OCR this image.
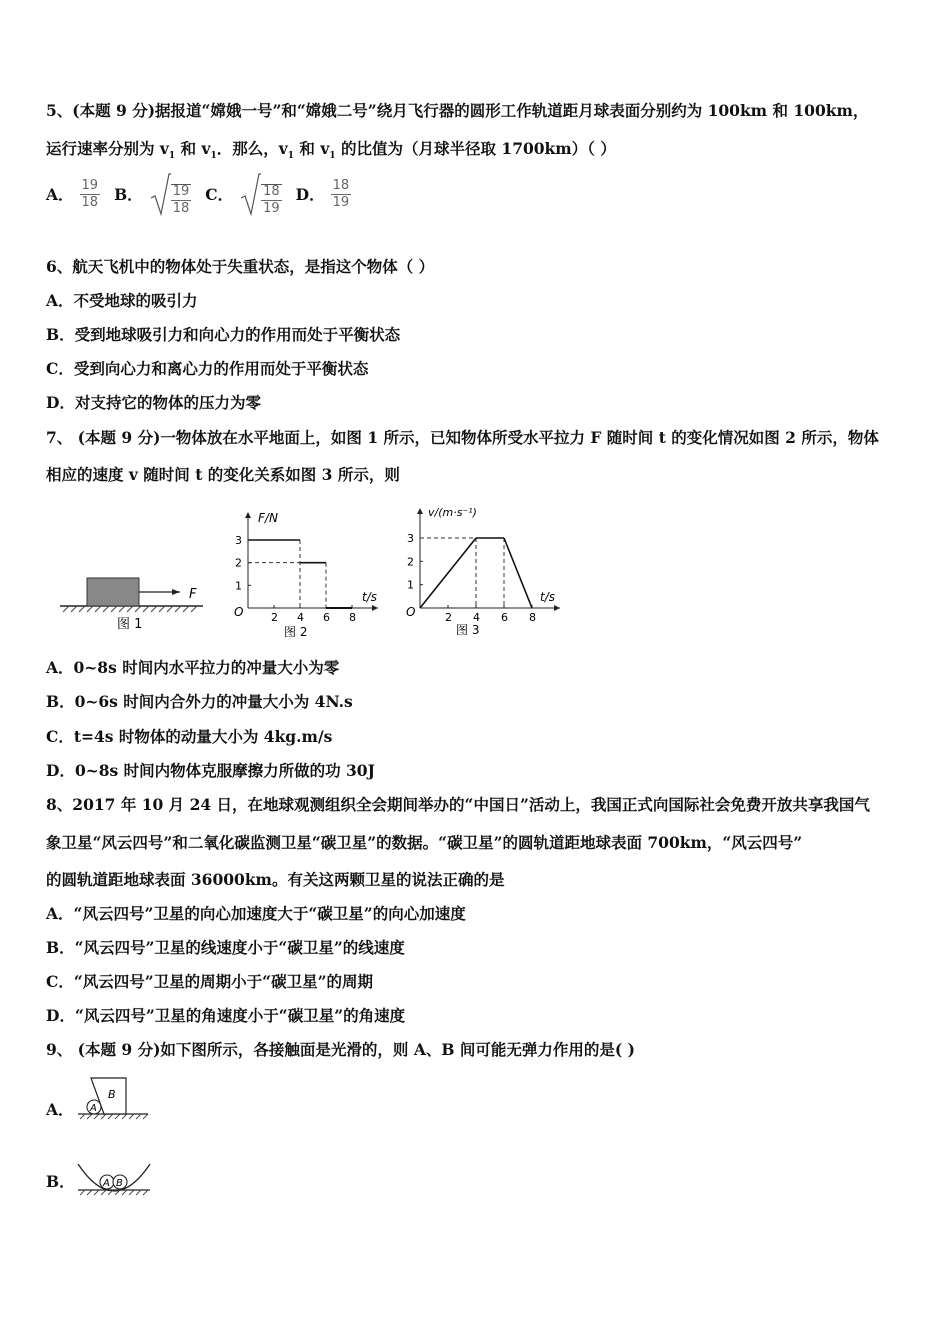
5、(本题 9 分)据报道“嫦娥一号”和“嫦娥二号”绕月飞行器的圆形工作轨道距月球表面分别约为 100km 和 100km，
运行速率分别为 $v_1$ 和 $v_1$．那么，$v_1$ 和 $v_1$ 的比值为（月球半径取 1700km）（ ）
A． $\frac{19}{18}$ B． $\frac{19}{18}$ C． $\frac{18}{19}$ D． $\frac{18}{19}$
6、航天飞机中的物体处于失重状态，是指这个物体（ ）
A．不受地球的吸引力
B．受到地球吸引力和向心力的作用而处于平衡状态
C．受到向心力和离心力的作用而处于平衡状态
D．对支持它的物体的压力为零
7、 (本题 9 分)一物体放在水平地面上，如图 1 所示，已知物体所受水平拉力 F 随时间 t 的变化情况如图 2 所示，物体
相应的速度 v 随时间 t 的变化关系如图 3 所示，则
F
图 1
F/N
t/s
O
图 2
2 4 6 8
3
2
1
v/(m·s⁻¹)
t/s
O
图 3
2 4 6 8
3
2
1
A．0~8s 时间内水平拉力的冲量大小为零
B．0~6s 时间内合外力的冲量大小为 4N.s
C．t=4s 时物体的动量大小为 4kg.m/s
D．0~8s 时间内物体克服摩擦力所做的功 30J
8、2017 年 10 月 24 日，在地球观测组织全会期间举办的“中国日”活动上，我国正式向国际社会免费开放共享我国气
象卫星“风云四号”和二氧化碳监测卫星“碳卫星”的数据。“碳卫星”的圆轨道距地球表面 700km，“风云四号”
的圆轨道距地球表面 36000km。有关这两颗卫星的说法正确的是
A．“风云四号”卫星的向心加速度大于“碳卫星”的向心加速度
B．“风云四号”卫星的线速度小于“碳卫星”的线速度
C．“风云四号”卫星的周期小于“碳卫星”的周期
D．“风云四号”卫星的角速度小于“碳卫星”的角速度
9、 (本题 9 分)如下图所示，各接触面是光滑的，则 A、B 间可能无弹力作用的是( )
A． A
B
B．	A B
